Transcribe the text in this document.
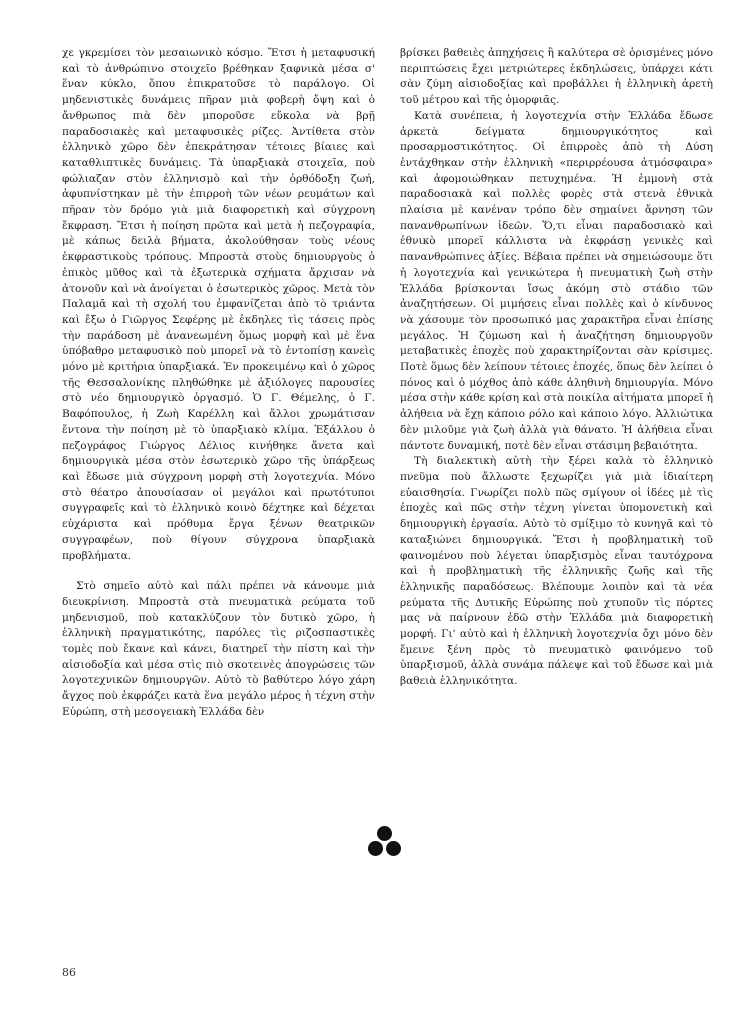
χε γκρεμίσει τὸν μεσαιωνικὸ κόσμο. Ἔτσι ἡ μεταφυσική καὶ τὸ ἀνθρώπινο στοιχεῖο βρέθηκαν ξαφνικὰ μέσα σ' ἕναν κύκλο, ὅπου ἐπικρατοῦσε τὸ παράλογο. Οἱ μηδενιστικὲς δυνάμεις πῆραν μιὰ φοβερὴ ὄψη καὶ ὁ ἄνθρωπος πιὰ δὲν μποροῦσε εὔκολα νὰ βρῇ παραδοσιακὲς καὶ μεταφυσικὲς ρίζες. Ἀντίθετα στὸν ἑλληνικὸ χῶρο δὲν ἐπεκράτησαν τέτοιες βίαιες καὶ καταθλιπτικὲς δυνάμεις. Τὰ ὑπαρξιακὰ στοιχεῖα, ποὺ φώλιαζαν στὸν ἑλληνισμὸ καὶ τὴν ὀρθόδοξη ζωή, ἀφυπνίστηκαν μὲ τὴν ἐπιρροὴ τῶν νέων ρευμάτων καὶ πῆραν τὸν δρόμο γιὰ μιὰ διαφορετικὴ καὶ σύγχρονη ἔκφραση. Ἔτσι ἡ ποίηση πρῶτα καὶ μετὰ ἡ πεζογραφία, μὲ κάπως δειλὰ βήματα, ἀκολούθησαν τοὺς νέους ἐκφραστικοὺς τρόπους. Μπροστὰ στοὺς δημιουργοὺς ὁ ἐπικὸς μῦθος καὶ τὰ ἐξωτερικὰ σχήματα ἄρχισαν νὰ ἀτονοῦν καὶ νὰ ἀνοίγεται ὁ ἐσωτερικὸς χῶρος. Μετὰ τὸν Παλαμᾶ καὶ τὴ σχολή του ἐμφανίζεται ἀπὸ τὸ τριάντα καὶ ἔξω ὁ Γιῶργος Σεφέρης μὲ ἐκδηλες τὶς τάσεις πρὸς τὴν παράδοση μὲ ἀνανεωμένη ὅμως μορφὴ καὶ μὲ ἕνα ὑπόβαθρο μεταφυσικὸ ποὺ μπορεῖ νὰ τὸ ἐντοπίσῃ κανεὶς μόνο μὲ κριτήρια ὑπαρξιακά. Ἐν προκειμένῳ καὶ ὁ χῶρος τῆς Θεσσαλονίκης πληθώθηκε μὲ ἀξιόλογες παρουσίες στὸ νέο δημιουργικὸ ὀργασμό. Ὁ Γ. Θέμελης, ὁ Γ. Βαφόπουλος, ἡ Ζωὴ Καρέλλη καὶ ἄλλοι χρωμάτισαν ἔντονα τὴν ποίηση μὲ τὸ ὑπαρξιακὸ κλίμα. Ἐξάλλου ὁ πεζογράφος Γιώργος Δέλιος κινήθηκε ἄνετα καὶ δημιουργικὰ μέσα στὸν ἐσωτερικὸ χῶρο τῆς ὑπάρξεως καὶ ἔδωσε μιὰ σύγχρονη μορφὴ στὴ λογοτεχνία. Μόνο στὸ θέατρο ἀπουσίασαν οἱ μεγάλοι καὶ πρωτότυποι συγγραφεῖς καὶ τὸ ἑλληνικὸ κοινὸ δέχτηκε καὶ δέχεται εὐχάριστα καὶ πρόθυμα ἔργα ξένων θεατρικῶν συγγραφέων, ποὺ θίγουν σύγχρονα ὑπαρξιακὰ προβλήματα.

Στὸ σημεῖο αὐτὸ καὶ πάλι πρέπει νὰ κάνουμε μιὰ διευκρίνιση. Μπροστὰ στὰ πνευματικὰ ρεύματα τοῦ μηδενισμοῦ, ποὺ κατακλύζουν τὸν δυτικὸ χῶρο, ἡ ἑλληνικὴ πραγματικότης, παρόλες τὶς ριζοσπαστικὲς τομὲς ποὺ ἔκανε καὶ κάνει, διατηρεῖ τὴν πίστη καὶ τὴν αἰσιοδοξία καὶ μέσα στὶς πιὸ σκοτεινὲς ἀπογρώσεις τῶν λογοτεχνικῶν δημιουργῶν. Αὐτὸ τὸ βαθύτερο λόγο χάρη ἄγχος ποὺ ἐκφράζει κατὰ ἕνα μεγάλο μέρος ἡ τέχνη στὴν Εὐρώπη, στὴ μεσογειακὴ Ἑλλάδα δὲν

βρίσκει βαθειὲς ἀπηχήσεις ἢ καλύτερα σὲ ὁρισμένες μόνο περιπτώσεις ἔχει μετριώτερες ἐκδηλώσεις, ὑπάρχει κάτι σὰν ζύμη αἰσιοδοξίας καὶ προβάλλει ἡ ἑλληνικὴ ἀρετὴ τοῦ μέτρου καὶ τῆς ὁμορφιᾶς.

Κατὰ συνέπεια, ἡ λογοτεχνία στὴν Ἑλλάδα ἔδωσε ἀρκετὰ δείγματα δημιουργικότητος καὶ προσαρμοστικότητος. Οἱ ἐπιρροὲς ἀπὸ τὴ Δύση ἐντάχθηκαν στὴν ἑλληνικὴ «περιρρέουσα ἀτμόσφαιρα» καὶ ἀφομοιώθηκαν πετυχημένα. Ἡ ἐμμονὴ στὰ παραδοσιακὰ καὶ πολλὲς φορὲς στὰ στενὰ ἐθνικὰ πλαίσια μὲ κανέναν τρόπο δὲν σημαίνει ἄρνηση τῶν πανανθρωπίνων ἰδεῶν. Ὅ,τι εἶναι παραδοσιακὸ καὶ ἐθνικὸ μπορεῖ κάλλιστα νὰ ἐκφράσῃ γενικὲς καὶ πανανθρώπινες ἀξίες. Βέβαια πρέπει νὰ σημειώσουμε ὅτι ἡ λογοτεχνία καὶ γενικώτερα ἡ πνευματικὴ ζωὴ στὴν Ἑλλάδα βρίσκονται ἴσως ἀκόμη στὸ στάδιο τῶν ἀναζητήσεων. Οἱ μιμήσεις εἶναι πολλὲς καὶ ὁ κίνδυνος νὰ χάσουμε τὸν προσωπικό μας χαρακτῆρα εἶναι ἐπίσης μεγάλος. Ἡ ζύμωση καὶ ἡ ἀναζήτηση δημιουργοῦν μεταβατικὲς ἐποχὲς ποὺ χαρακτηρίζονται σὰν κρίσιμες. Ποτὲ ὅμως δὲν λείπουν τέτοιες ἐποχές, ὅπως δὲν λείπει ὁ πόνος καὶ ὁ μόχθος ἀπὸ κάθε ἀληθινὴ δημιουργία. Μόνο μέσα στὴν κάθε κρίση καὶ στὰ ποικίλα αἰτήματα μπορεῖ ἡ ἀλήθεια νὰ ἔχῃ κάποιο ρόλο καὶ κάποιο λόγο. Ἀλλιώτικα δὲν μιλοῦμε γιὰ ζωὴ ἀλλὰ γιὰ θάνατο. Ἡ ἀλήθεια εἶναι πάντοτε δυναμική, ποτὲ δὲν εἶναι στάσιμη βεβαιότητα.

Τὴ διαλεκτικὴ αὐτὴ τὴν ξέρει καλὰ τὸ ἑλληνικὸ πνεῦμα ποὺ ἄλλωστε ξεχωρίζει γιὰ μιὰ ἰδιαίτερη εὐαισθησία. Γνωρίζει πολὺ πῶς σμίγουν οἱ ἰδέες μὲ τὶς ἐποχὲς καὶ πῶς στὴν τέχνη γίνεται ὑπομονετικὴ καὶ δημιουργικὴ ἐργασία. Αὐτὸ τὸ σμίξιμο τὸ κυνηγᾶ καὶ τὸ καταξιώνει δημιουργικά. Ἔτσι ἡ προβληματικὴ τοῦ φαινομένου ποὺ λέγεται ὑπαρξισμὸς εἶναι ταυτόχρονα καὶ ἡ προβληματικὴ τῆς ἑλληνικῆς ζωῆς καὶ τῆς ἑλληνικῆς παραδόσεως. Βλέπουμε λοιπὸν καὶ τὰ νέα ρεύματα τῆς Δυτικῆς Εὐρώπης ποὺ χτυποῦν τὶς πόρτες μας νὰ παίρνουν ἐδῶ στὴν Ἑλλάδα μιὰ διαφορετικὴ μορφή. Γι' αὐτὸ καὶ ἡ ἑλληνικὴ λογοτεχνία ὄχι μόνο δὲν ἔμεινε ξένη πρὸς τὸ πνευματικὸ φαινόμενο τοῦ ὑπαρξισμοῦ, ἀλλὰ συνάμα πάλεψε καὶ τοῦ ἔδωσε καὶ μιὰ βαθειὰ ἑλληνικότητα.

86
